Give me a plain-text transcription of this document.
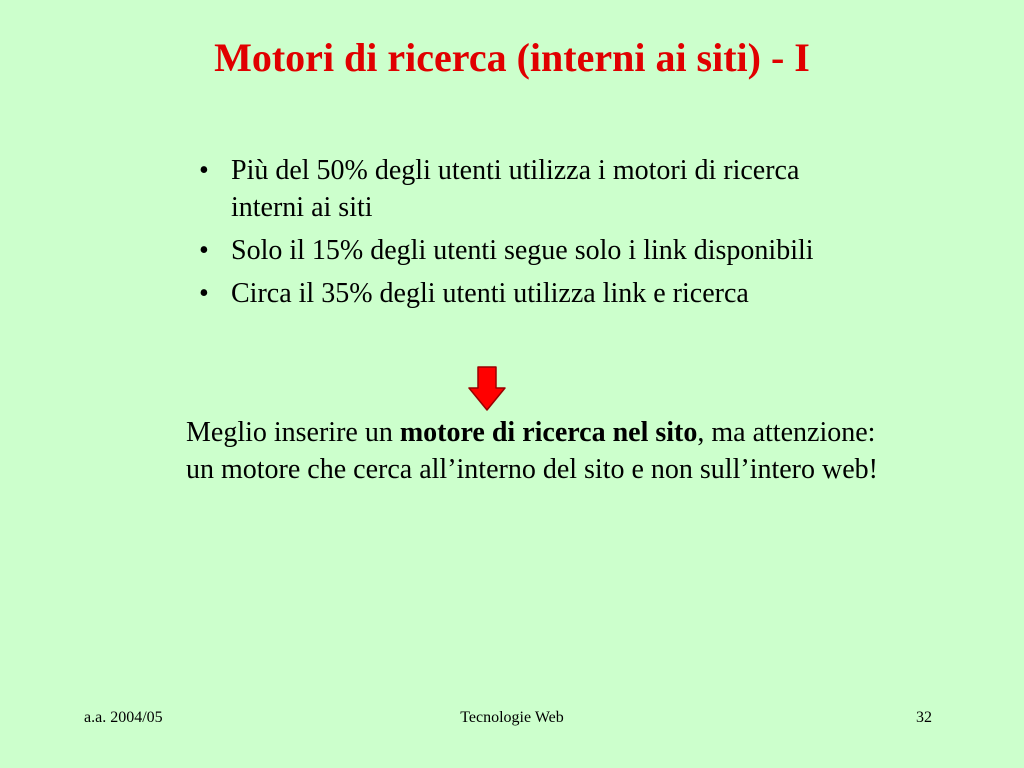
Motori di ricerca (interni ai siti) - I
• Più del 50% degli utenti utilizza i motori di ricerca interni ai siti
• Solo il 15% degli utenti segue solo i link disponibili
• Circa il 35% degli utenti utilizza link e ricerca

Meglio inserire un motore di ricerca nel sito, ma attenzione: un motore che cerca all’interno del sito e non sull’intero web!

a.a. 2004/05	Tecnologie Web	32
